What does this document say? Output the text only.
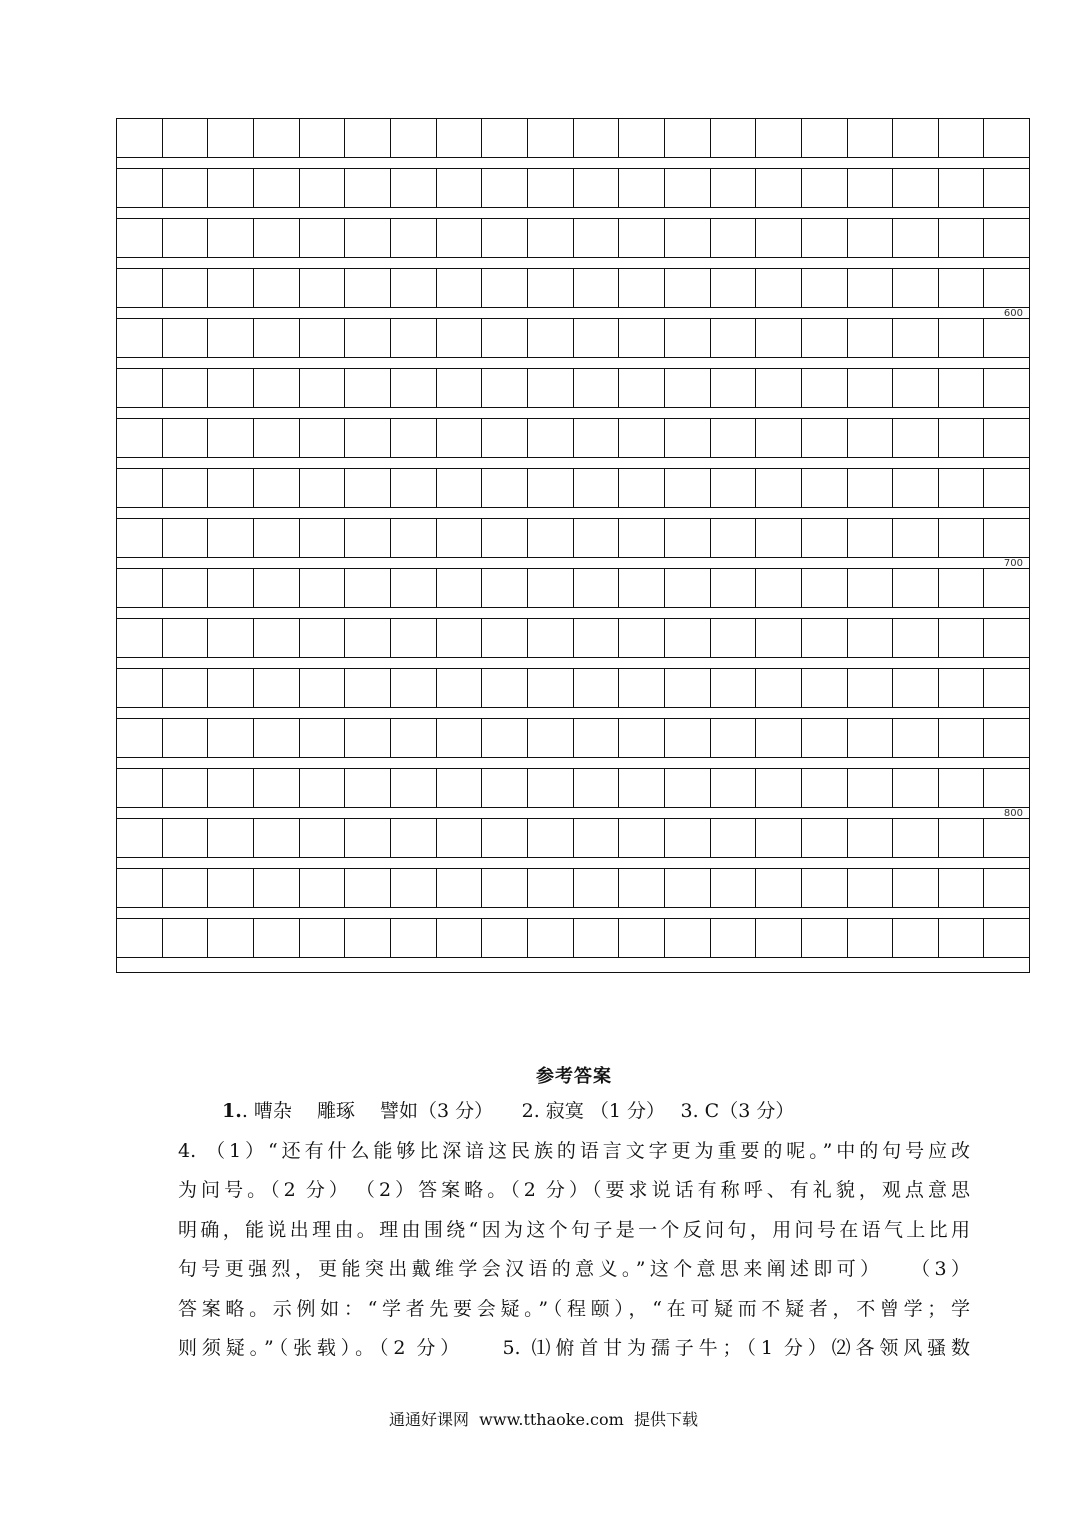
600
700
800
参考答案
1.. 嘈杂　 雕琢　 譬如（3 分）　　2. 寂寞 （1 分）　 3. C（3 分）
4. （1）“还有什么能够比深谙这民族的语言文字更为重要的呢。”中的句号应改
为问号。（2 分）　（2）答案略。（2 分）（要求说话有称呼、有礼貌，观点意思
明确，能说出理由。理由围绕“因为这个句子是一个反问句，用问号在语气上比用
句号更强烈，更能突出戴维学会汉语的意义。”这个意思来阐述即可）　　（3）
答案略。示例如：“学者先要会疑。”（程颐），“在可疑而不疑者，不曾学；学
则须疑。”（张载）。（2 分）　　5. ⑴俯首甘为孺子牛；（1 分）⑵各领风骚数
通通好课网  www.tthaoke.com  提供下载
